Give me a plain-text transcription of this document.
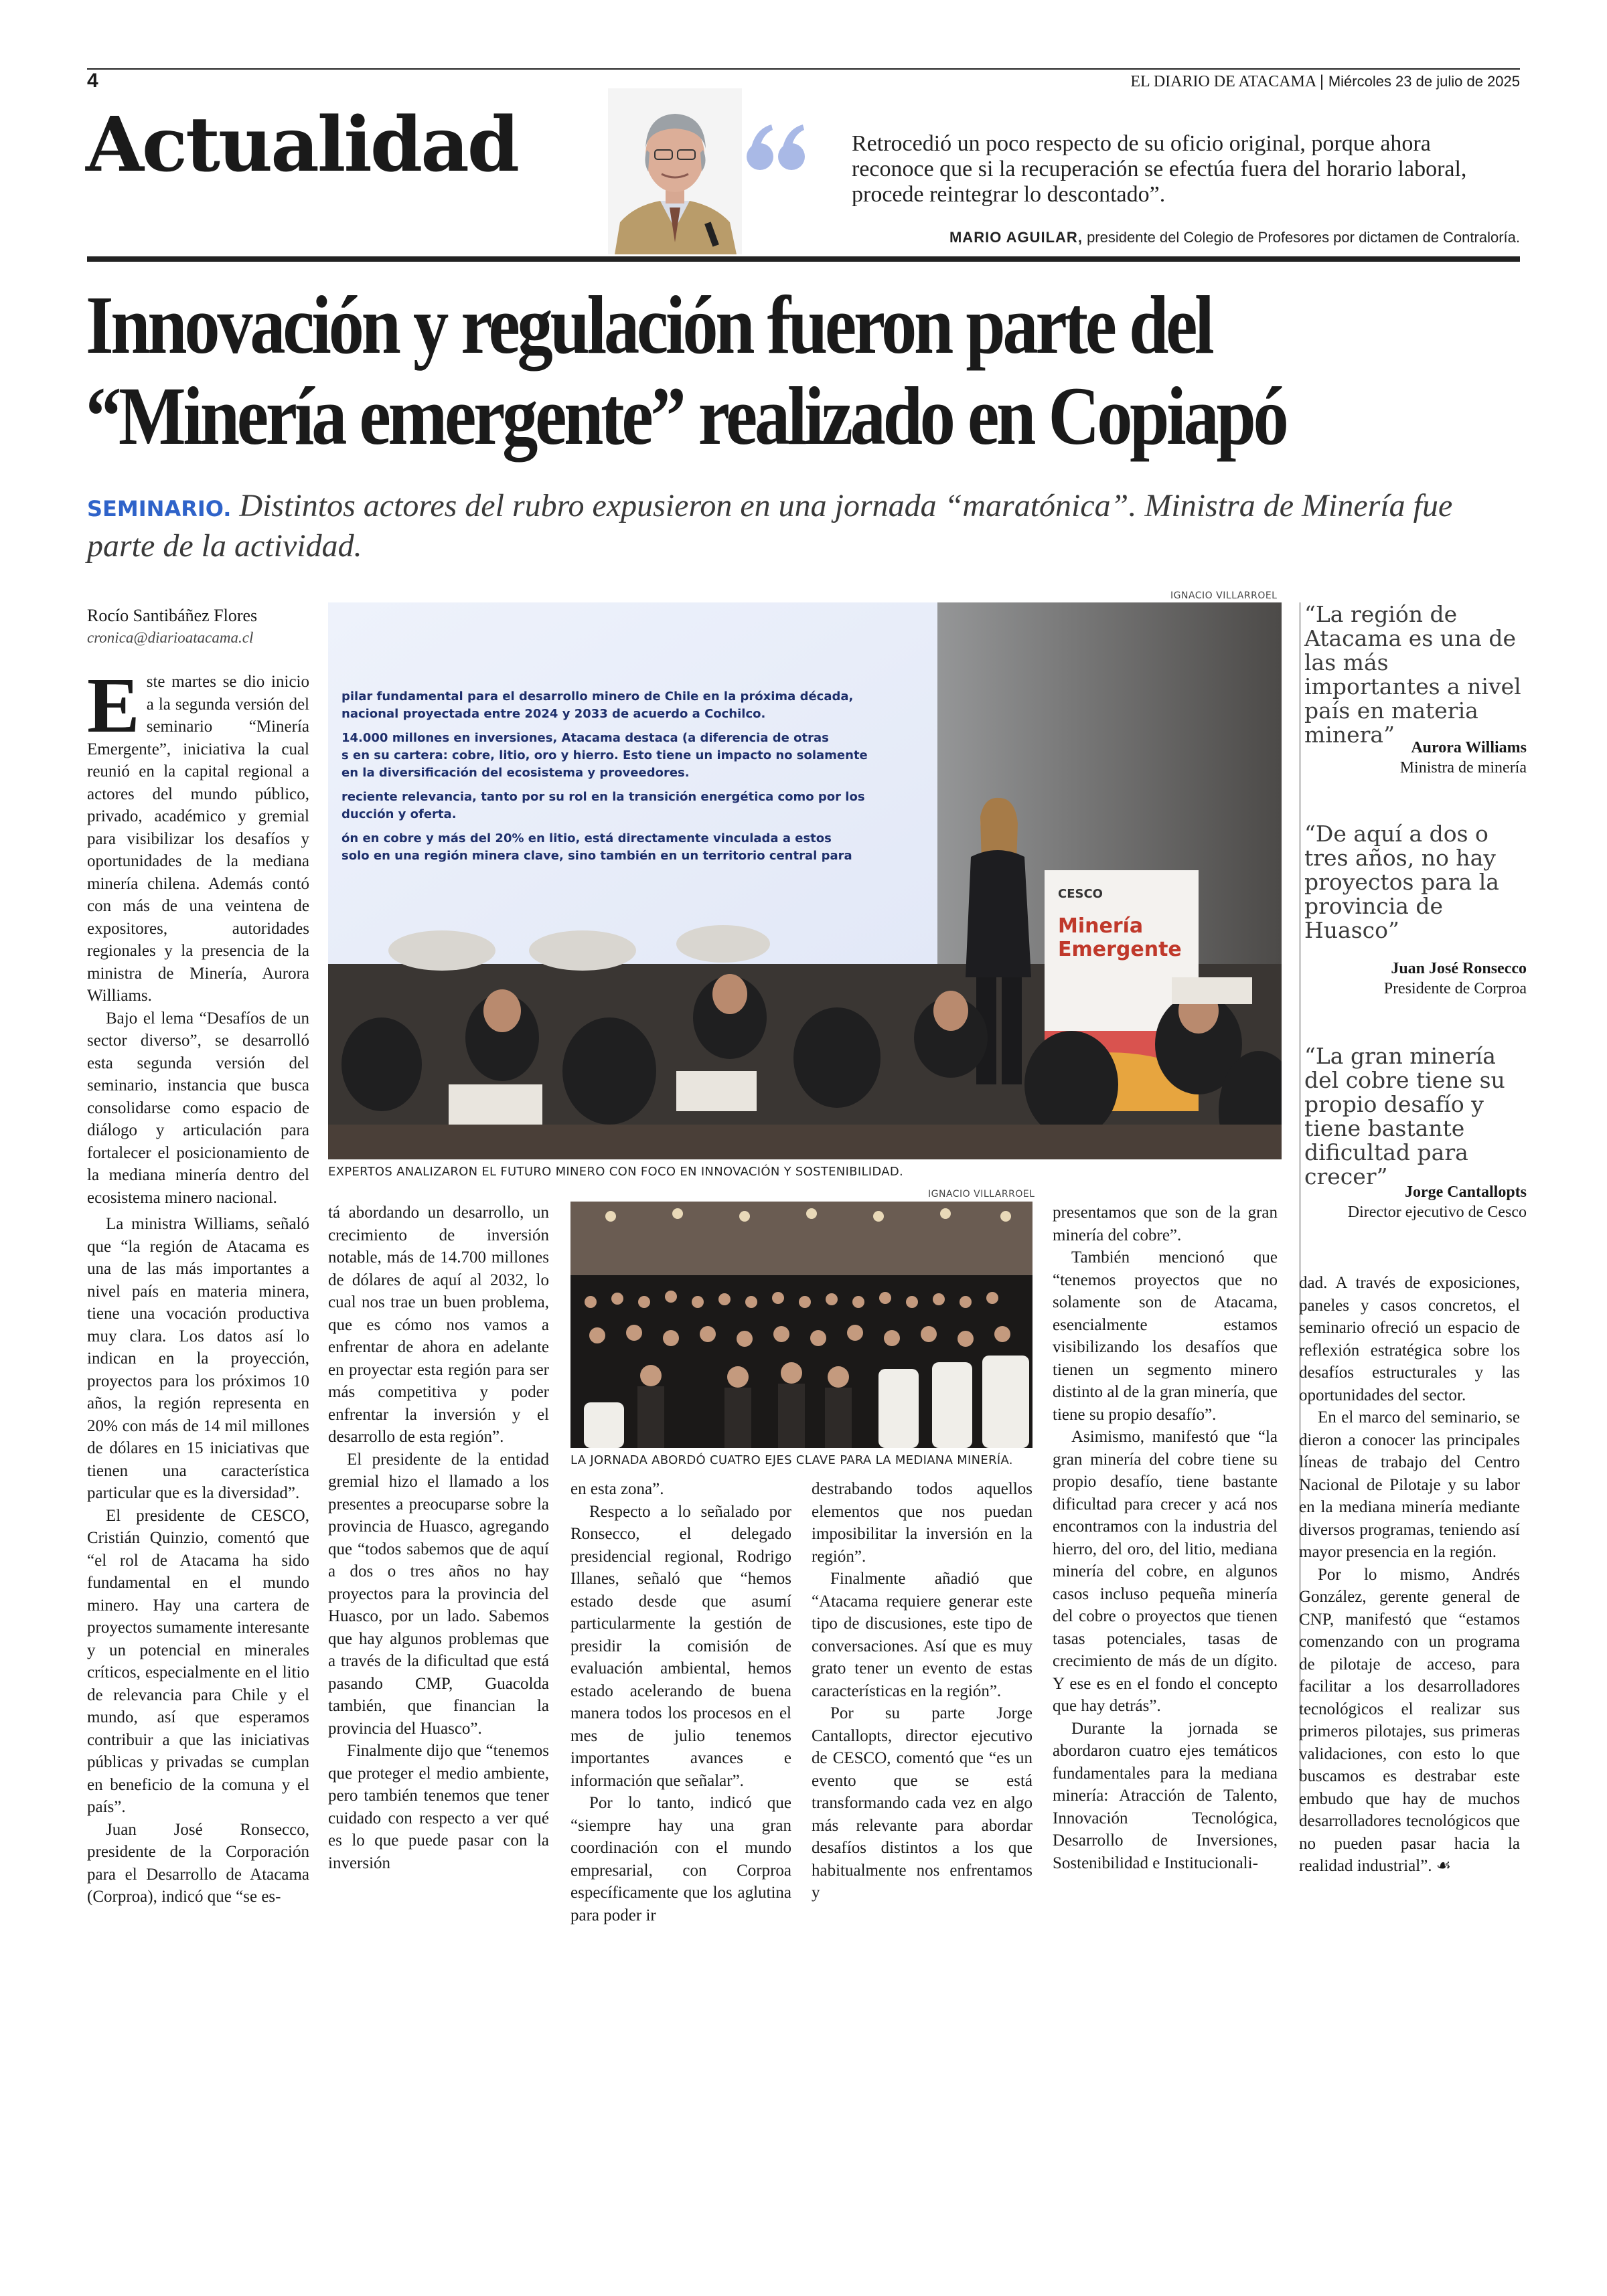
4	EL DIARIO DE ATACAMA | Miércoles 23 de julio de 2025
Actualidad	Retrocedió un poco respecto de su oficio original, porque ahora reconoce que si la recuperación se efectúa fuera del horario laboral, procede reintegrar lo descontado”.
MARIO AGUILAR, presidente del Colegio de Profesores por dictamen de Contraloría.
Innovación y regulación fueron parte del
“Minería emergente” realizado en Copiapó
SEMINARIO. Distintos actores del rubro expusieron en una jornada “maratónica”. Ministra de Minería fue parte de la actividad.
Rocío Santibáñez Flores
cronica@diarioatacama.cl
IGNACIO VILLARROEL
pilar fundamental para el desarrollo minero de Chile en la próxima década,
nacional proyectada entre 2024 y 2033 de acuerdo a Cochilco.
14.000 millones en inversiones, Atacama destaca (a diferencia de otras
s en su cartera: cobre, litio, oro y hierro. Esto tiene un impacto no solamente
en la diversificación del ecosistema y proveedores.
reciente relevancia, tanto por su rol en la transición energética como por los
ducción y oferta.
ón en cobre y más del 20% en litio, está directamente vinculada a estos
solo en una región minera clave, sino también en un territorio central para
CESCO
Minería
Emergente
EXPERTOS ANALIZARON EL FUTURO MINERO CON FOCO EN INNOVACIÓN Y SOSTENIBILIDAD.
“La región de Atacama es una de las más importantes a nivel país en materia minera”	Aurora Williams
Ministra de minería
“De aquí a dos o tres años, no hay proyectos para la provincia de Huasco”
Juan José Ronsecco
Presidente de Corproa
“La gran minería del cobre tiene su propio desafío y tiene bastante dificultad para crecer”
Jorge Cantallopts
Director ejecutivo de Cesco
IGNACIO VILLARROEL
LA JORNADA ABORDÓ CUATRO EJES CLAVE PARA LA MEDIANA MINERÍA.

Este martes se dio inicio a la segunda versión del seminario “Minería Emergente”, iniciativa la cual reunió en la capital regional a actores del mundo público, privado, académico y gremial para visibilizar los desafíos y oportunidades de la mediana minería chilena. Además contó con más de una veintena de expositores, autoridades regionales y la presencia de la ministra de Minería, Aurora Williams.

Bajo el lema “Desafíos de un sector diverso”, se desarrolló esta segunda versión del seminario, instancia que busca consolidarse como espacio de diálogo y articulación para fortalecer el posicionamiento de la mediana minería dentro del ecosistema minero nacional.

La ministra Williams, señaló que “la región de Atacama es una de las más importantes a nivel país en materia minera, tiene una vocación productiva muy clara. Los datos así lo indican en la proyección, proyectos para los próximos 10 años, la región representa en 20% con más de 14 mil millones de dólares en 15 iniciativas que tienen una característica particular que es la diversidad”.

El presidente de CESCO, Cristián Quinzio, comentó que “el rol de Atacama ha sido fundamental en el mundo minero. Hay una cartera de proyectos sumamente interesante y un potencial en minerales críticos, especialmente en el litio de relevancia para Chile y el mundo, así que esperamos contribuir a que las iniciativas públicas y privadas se cumplan en beneficio de la comuna y el país”.

Juan José Ronsecco, presidente de la Corporación para el Desarrollo de Atacama (Corproa), indicó que “se es-

tá abordando un desarrollo, un crecimiento de inversión notable, más de 14.700 millones de dólares de aquí al 2032, lo cual nos trae un buen problema, que es cómo nos vamos a enfrentar de ahora en adelante en proyectar esta región para ser más competitiva y poder enfrentar la inversión y el desarrollo de esta región”.

El presidente de la entidad gremial hizo el llamado a los presentes a preocuparse sobre la provincia de Huasco, agregando que “todos sabemos que de aquí a dos o tres años no hay proyectos para la provincia del Huasco, por un lado. Sabemos que hay algunos problemas que a través de la dificultad que está pasando CMP, Guacolda también, que financian la provincia del Huasco”.

Finalmente dijo que “tenemos que proteger el medio ambiente, pero también tenemos que tener cuidado con respecto a ver qué es lo que puede pasar con la inversión

en esta zona”.

Respecto a lo señalado por Ronsecco, el delegado presidencial regional, Rodrigo Illanes, señaló que “hemos estado desde que asumí particularmente la gestión de presidir la comisión de evaluación ambiental, hemos estado acelerando de buena manera todos los procesos en el mes de julio tenemos importantes avances e información que señalar”.

Por lo tanto, indicó que “siempre hay una gran coordinación con el mundo empresarial, con Corproa específicamente que los aglutina para poder ir

destrabando todos aquellos elementos que nos puedan imposibilitar la inversión en la región”.

Finalmente añadió que “Atacama requiere generar este tipo de discusiones, este tipo de conversaciones. Así que es muy grato tener un evento de estas características en la región”.

Por su parte Jorge Cantallopts, director ejecutivo de CESCO, comentó que “es un evento que se está transformando cada vez en algo más relevante para abordar desafíos distintos a los que habitualmente nos enfrentamos y

presentamos que son de la gran minería del cobre”.

También mencionó que “tenemos proyectos que no solamente son de Atacama, esencialmente estamos visibilizando los desafíos que tienen un segmento minero distinto al de la gran minería, que tiene su propio desafío”.

Asimismo, manifestó que “la gran minería del cobre tiene su propio desafío, tiene bastante dificultad para crecer y acá nos encontramos con la industria del hierro, del oro, del litio, mediana minería del cobre, en algunos casos incluso pequeña minería del cobre o proyectos que tienen tasas potenciales, tasas de crecimiento de más de un dígito. Y ese es en el fondo el concepto que hay detrás”.

Durante la jornada se abordaron cuatro ejes temáticos fundamentales para la mediana minería: Atracción de Talento, Innovación Tecnológica, Desarrollo de Inversiones, Sostenibilidad e Institucionali-

dad. A través de exposiciones, paneles y casos concretos, el seminario ofreció un espacio de reflexión estratégica sobre los desafíos estructurales y las oportunidades del sector.

En el marco del seminario, se dieron a conocer las principales líneas de trabajo del Centro Nacional de Pilotaje y su labor en la mediana minería mediante diversos programas, teniendo así mayor presencia en la región.

Por lo mismo, Andrés González, gerente general de CNP, manifestó que “estamos comenzando con un programa de pilotaje de acceso, para facilitar a los desarrolladores tecnológicos el realizar sus primeros pilotajes, sus primeras validaciones, con esto lo que buscamos es destrabar este embudo que hay de muchos desarrolladores tecnológicos que no pueden pasar hacia la realidad industrial”. ☙
